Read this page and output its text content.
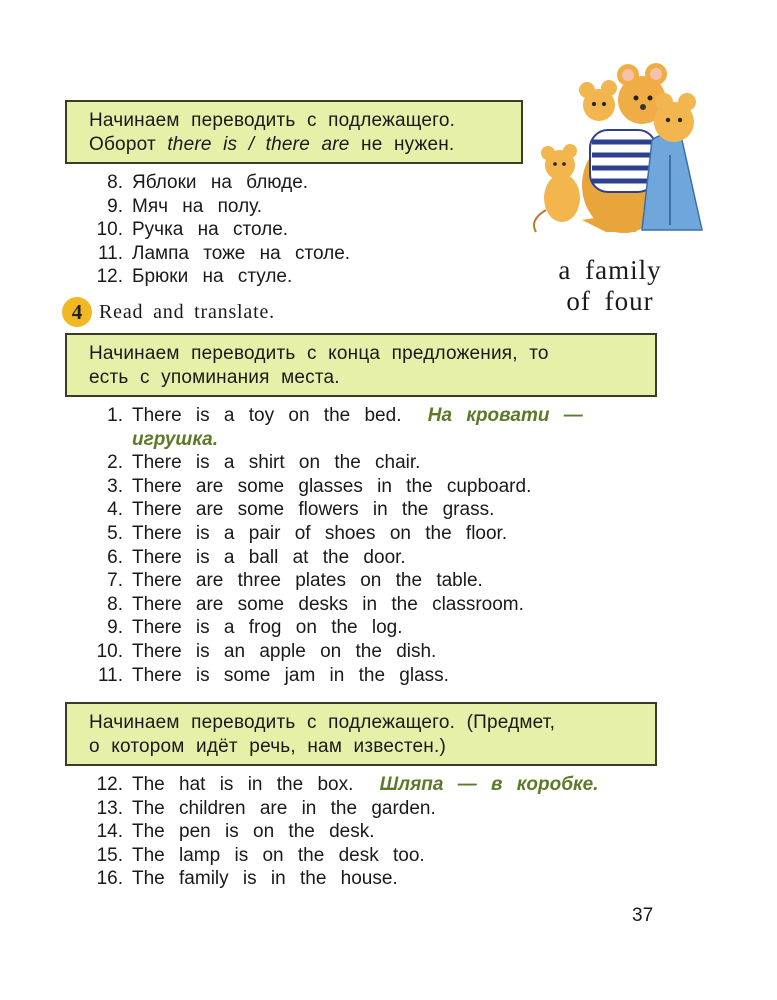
Начинаем переводить с подлежащего.
Оборот there is / there are не нужен.
8. Яблоки на блюде.
9. Мяч на полу.
10. Ручка на столе.
11. Лампа тоже на столе.
12. Брюки на стуле.	a family
of four
4 Read and translate.
Начинаем переводить с конца предложения, то
есть с упоминания места.
1. There is a toy on the bed. На кровати —
игрушка.
2. There is a shirt on the chair.
3. There are some glasses in the cupboard.
4. There are some flowers in the grass.
5. There is a pair of shoes on the floor.
6. There is a ball at the door.
7. There are three plates on the table.
8. There are some desks in the classroom.
9. There is a frog on the log.
10. There is an apple on the dish.
11. There is some jam in the glass.
Начинаем переводить с подлежащего. (Предмет,
о котором идёт речь, нам известен.)
12. The hat is in the box. Шляпа — в коробке.
13. The children are in the garden.
14. The pen is on the desk.
15. The lamp is on the desk too.
16. The family is in the house.
37
